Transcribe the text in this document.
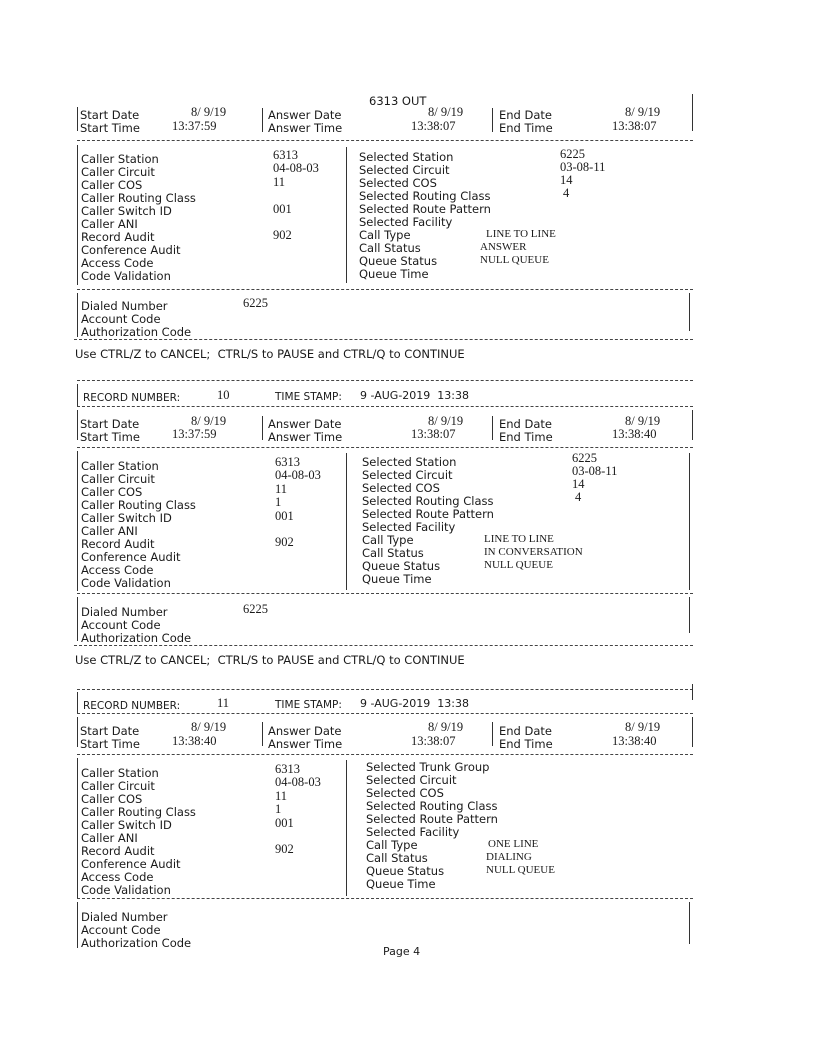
6313 OUT
Start Date	8/ 9/19	Answer Date	8/ 9/19	End Date	8/ 9/19
Start Time	13:37:59	Answer Time	13:38:07	End Time	13:38:07
Caller Station	6313
Caller Circuit	04-08-03
Caller COS	11
Caller Routing Class
Caller Switch ID	001
Caller ANI
Record Audit	902
Conference Audit
Access Code
Code Validation
Selected Station	6225
Selected Circuit	03-08-11
Selected COS	14
Selected Routing Class	4
Selected Route Pattern
Selected Facility
Call Type	LINE TO LINE
Call Status	ANSWER
Queue Status	NULL QUEUE
Queue Time
Dialed Number	6225
Account Code
Authorization Code
Use CTRL/Z to CANCEL;  CTRL/S to PAUSE and CTRL/Q to CONTINUE
RECORD NUMBER:	10	TIME STAMP: 9 -AUG-2019  13:38
Start Date	8/ 9/19	Answer Date	8/ 9/19	End Date	8/ 9/19
Start Time	13:37:59	Answer Time	13:38:07	End Time	13:38:40
Caller Station	6313
Caller Circuit	04-08-03
Caller COS	11
Caller Routing Class	1
Caller Switch ID	001
Caller ANI
Record Audit	902
Conference Audit
Access Code
Code Validation
Selected Station	6225
Selected Circuit	03-08-11
Selected COS	14
Selected Routing Class	4
Selected Route Pattern
Selected Facility
Call Type	LINE TO LINE
Call Status	IN CONVERSATION
Queue Status	NULL QUEUE
Queue Time
Dialed Number	6225
Account Code
Authorization Code
Use CTRL/Z to CANCEL;  CTRL/S to PAUSE and CTRL/Q to CONTINUE
RECORD NUMBER:	11	TIME STAMP: 9 -AUG-2019  13:38
Start Date	8/ 9/19	Answer Date	8/ 9/19	End Date	8/ 9/19
Start Time	13:38:40	Answer Time	13:38:07	End Time	13:38:40
Caller Station	6313
Caller Circuit	04-08-03
Caller COS	11
Caller Routing Class	1
Caller Switch ID	001
Caller ANI
Record Audit	902
Conference Audit
Access Code
Code Validation
Selected Trunk Group
Selected Circuit
Selected COS
Selected Routing Class
Selected Route Pattern
Selected Facility
Call Type	ONE LINE
Call Status	DIALING
Queue Status	NULL QUEUE
Queue Time
Dialed Number
Account Code
Authorization Code
Page 4
